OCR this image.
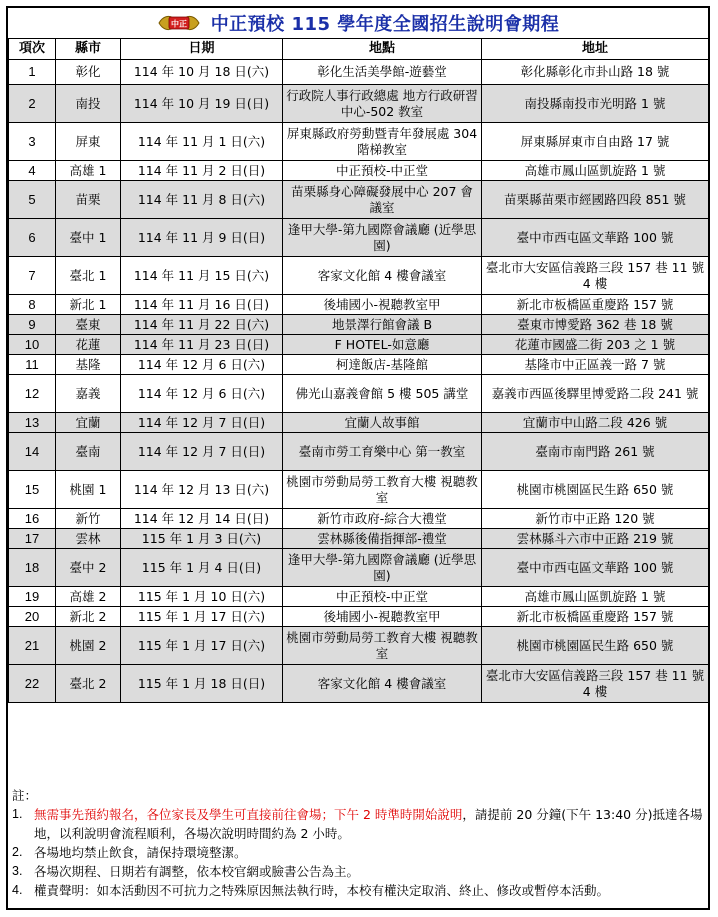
中正 中正預校 115 學年度全國招生說明會期程
項次	縣市	日期	地點	地址
1	彰化	114 年 10 月 18 日(六)	彰化生活美學館-遊藝堂	彰化縣彰化市卦山路 18 號
2	南投	114 年 10 月 19 日(日)	行政院人事行政總處 地方行政研習中心-502 教室	南投縣南投市光明路 1 號
3	屏東	114 年 11 月 1 日(六)	屏東縣政府勞動暨青年發展處 304 階梯教室	屏東縣屏東市自由路 17 號
4	高雄 1	114 年 11 月 2 日(日)	中正預校-中正堂	高雄市鳳山區凱旋路 1 號
5	苗栗	114 年 11 月 8 日(六)	苗栗縣身心障礙發展中心 207 會議室	苗栗縣苗栗市經國路四段 851 號
6	臺中 1	114 年 11 月 9 日(日)	逢甲大學-第九國際會議廳 (近學思園)	臺中市西屯區文華路 100 號
7	臺北 1	114 年 11 月 15 日(六)	客家文化館 4 樓會議室	臺北市大安區信義路三段 157 巷 11 號 4 樓
8	新北 1	114 年 11 月 16 日(日)	後埔國小-視聽教室甲	新北市板橋區重慶路 157 號
9	臺東	114 年 11 月 22 日(六)	地景澤行館會議 B	臺東市博愛路 362 巷 18 號
10	花蓮	114 年 11 月 23 日(日)	F HOTEL-如意廳	花蓮市國盛二街 203 之 1 號
11	基隆	114 年 12 月 6 日(六)	柯達飯店-基隆館	基隆市中正區義一路 7 號
12	嘉義	114 年 12 月 6 日(六)	佛光山嘉義會館 5 樓 505 講堂	嘉義市西區後驛里博愛路二段 241 號
13	宜蘭	114 年 12 月 7 日(日)	宜蘭人故事館	宜蘭市中山路二段 426 號
14	臺南	114 年 12 月 7 日(日)	臺南市勞工育樂中心 第一教室	臺南市南門路 261 號
15	桃園 1	114 年 12 月 13 日(六)	桃園市勞動局勞工教育大樓 視聽教室	桃園市桃園區民生路 650 號
16	新竹	114 年 12 月 14 日(日)	新竹市政府-綜合大禮堂	新竹市中正路 120 號
17	雲林	115 年 1 月 3 日(六)	雲林縣後備指揮部-禮堂	雲林縣斗六市中正路 219 號
18	臺中 2	115 年 1 月 4 日(日)	逢甲大學-第九國際會議廳 (近學思園)	臺中市西屯區文華路 100 號
19	高雄 2	115 年 1 月 10 日(六)	中正預校-中正堂	高雄市鳳山區凱旋路 1 號
20	新北 2	115 年 1 月 17 日(六)	後埔國小-視聽教室甲	新北市板橋區重慶路 157 號
21	桃園 2	115 年 1 月 17 日(六)	桃園市勞動局勞工教育大樓 視聽教室	桃園市桃園區民生路 650 號
22	臺北 2	115 年 1 月 18 日(日)	客家文化館 4 樓會議室	臺北市大安區信義路三段 157 巷 11 號 4 樓
註：
1. 無需事先預約報名，各位家長及學生可直接前往會場；下午 2 時準時開始說明，請提前 20 分鐘(下午 13:40 分)抵達各場地，以利說明會流程順利，各場次說明時間約為 2 小時。
2. 各場地均禁止飲食，請保持環境整潔。
3. 各場次期程、日期若有調整，依本校官網或臉書公告為主。
4. 權責聲明：如本活動因不可抗力之特殊原因無法執行時，本校有權決定取消、終止、修改或暫停本活動。
